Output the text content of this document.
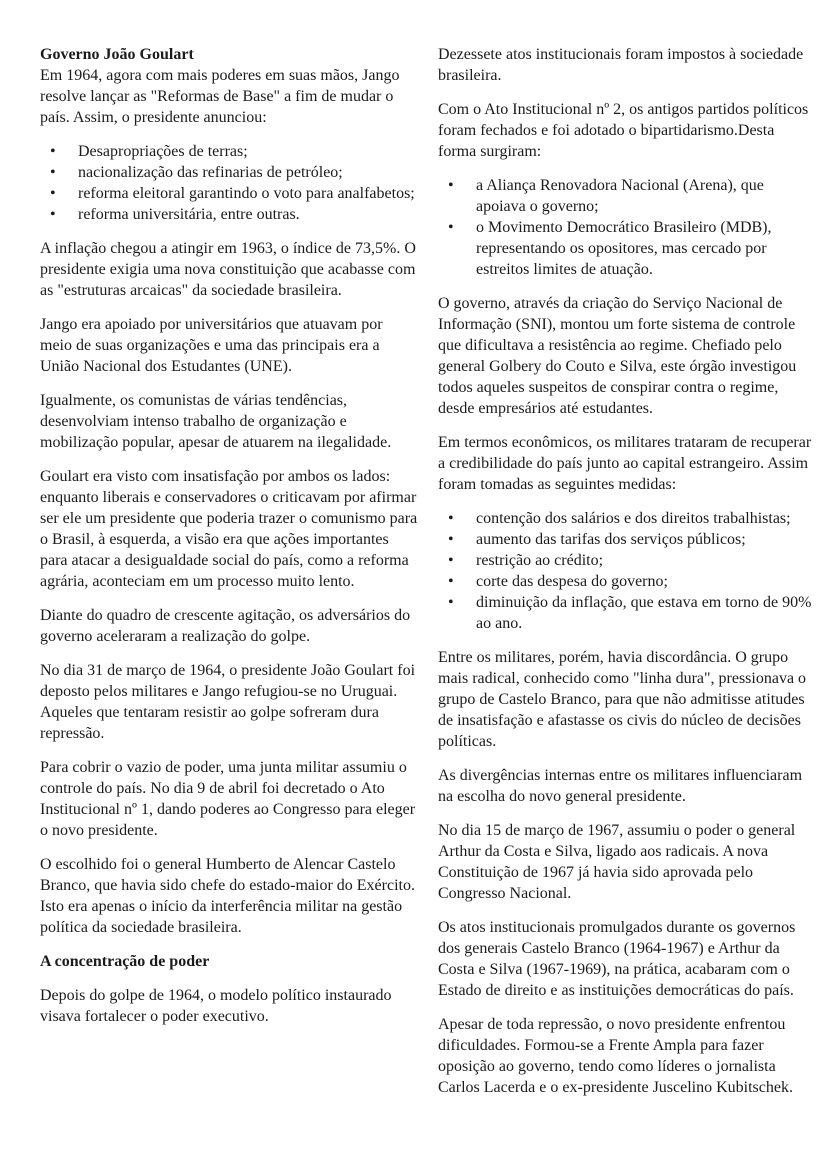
Governo João Goulart

Em 1964, agora com mais poderes em suas mãos, Jango resolve lançar as "Reformas de Base" a fim de mudar o país. Assim, o presidente anunciou:

• Desapropriações de terras;
• nacionalização das refinarias de petróleo;
• reforma eleitoral garantindo o voto para analfabetos;
• reforma universitária, entre outras.

A inflação chegou a atingir em 1963, o índice de 73,5%. O presidente exigia uma nova constituição que acabasse com as "estruturas arcaicas" da sociedade brasileira.

Jango era apoiado por universitários que atuavam por meio de suas organizações e uma das principais era a União Nacional dos Estudantes (UNE).

Igualmente, os comunistas de várias tendências, desenvolviam intenso trabalho de organização e mobilização popular, apesar de atuarem na ilegalidade.

Goulart era visto com insatisfação por ambos os lados: enquanto liberais e conservadores o criticavam por afirmar ser ele um presidente que poderia trazer o comunismo para o Brasil, à esquerda, a visão era que ações importantes para atacar a desigualdade social do país, como a reforma agrária, aconteciam em um processo muito lento.

Diante do quadro de crescente agitação, os adversários do governo aceleraram a realização do golpe.

No dia 31 de março de 1964, o presidente João Goulart foi deposto pelos militares e Jango refugiou-se no Uruguai. Aqueles que tentaram resistir ao golpe sofreram dura repressão.

Para cobrir o vazio de poder, uma junta militar assumiu o controle do país. No dia 9 de abril foi decretado o Ato Institucional nº 1, dando poderes ao Congresso para eleger o novo presidente.

O escolhido foi o general Humberto de Alencar Castelo Branco, que havia sido chefe do estado-maior do Exército. Isto era apenas o início da interferência militar na gestão política da sociedade brasileira.

A concentração de poder

Depois do golpe de 1964, o modelo político instaurado visava fortalecer o poder executivo.

Dezessete atos institucionais foram impostos à sociedade brasileira.

Com o Ato Institucional nº 2, os antigos partidos políticos foram fechados e foi adotado o bipartidarismo.Desta forma surgiram:

• a Aliança Renovadora Nacional (Arena), que apoiava o governo;
• o Movimento Democrático Brasileiro (MDB), representando os opositores, mas cercado por estreitos limites de atuação.

O governo, através da criação do Serviço Nacional de Informação (SNI), montou um forte sistema de controle que dificultava a resistência ao regime. Chefiado pelo general Golbery do Couto e Silva, este órgão investigou todos aqueles suspeitos de conspirar contra o regime, desde empresários até estudantes.

Em termos econômicos, os militares trataram de recuperar a credibilidade do país junto ao capital estrangeiro. Assim foram tomadas as seguintes medidas:

• contenção dos salários e dos direitos trabalhistas;
• aumento das tarifas dos serviços públicos;
• restrição ao crédito;
• corte das despesa do governo;
• diminuição da inflação, que estava em torno de 90% ao ano.

Entre os militares, porém, havia discordância. O grupo mais radical, conhecido como "linha dura", pressionava o grupo de Castelo Branco, para que não admitisse atitudes de insatisfação e afastasse os civis do núcleo de decisões políticas.

As divergências internas entre os militares influenciaram na escolha do novo general presidente.

No dia 15 de março de 1967, assumiu o poder o general Arthur da Costa e Silva, ligado aos radicais. A nova Constituição de 1967 já havia sido aprovada pelo Congresso Nacional.

Os atos institucionais promulgados durante os governos dos generais Castelo Branco (1964-1967) e Arthur da Costa e Silva (1967-1969), na prática, acabaram com o Estado de direito e as instituições democráticas do país.

Apesar de toda repressão, o novo presidente enfrentou dificuldades. Formou-se a Frente Ampla para fazer oposição ao governo, tendo como líderes o jornalista Carlos Lacerda e o ex-presidente Juscelino Kubitschek.
